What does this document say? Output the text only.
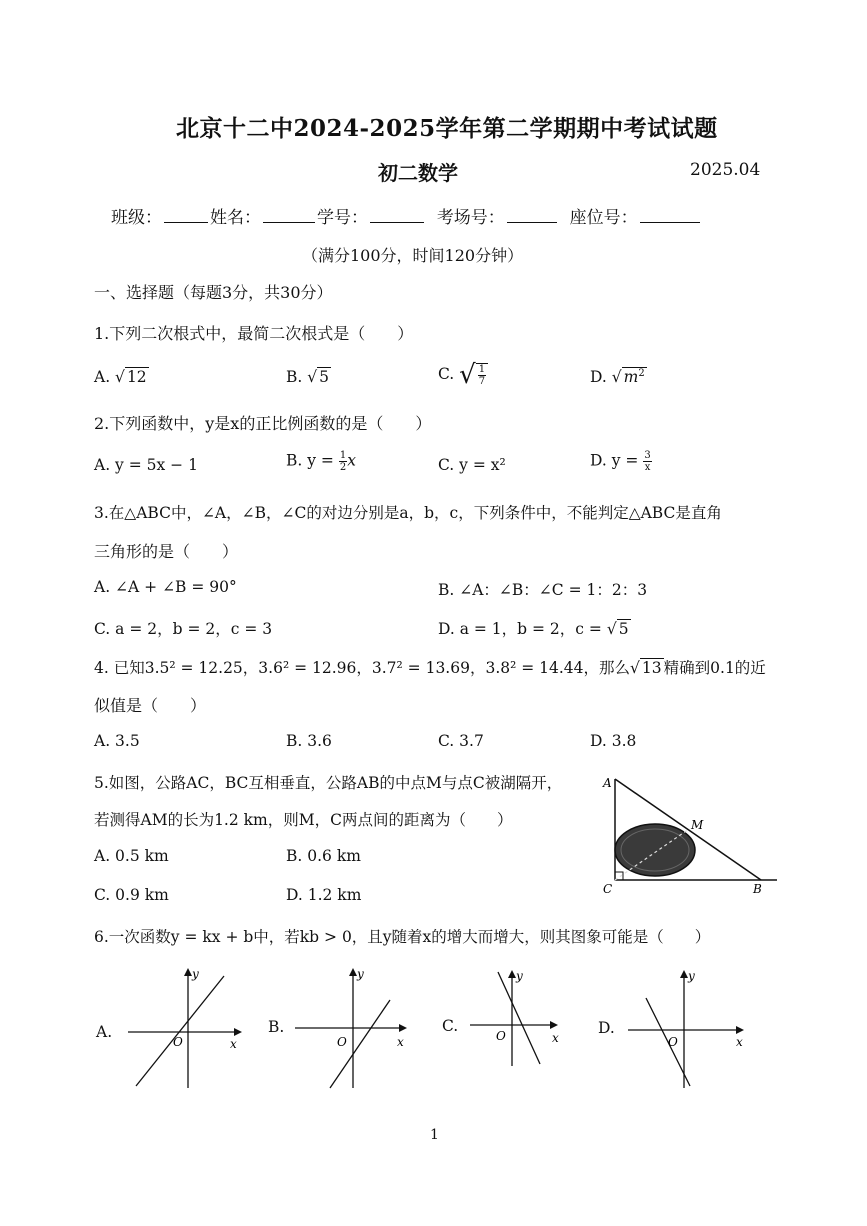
北京十二中2024-2025学年第二学期期中考试试题
初二数学	2025.04
班级：	姓名：	学号：	考场号：	座位号：
（满分100分，时间120分钟）
一、选择题（每题3分，共30分）
1.下列二次根式中，最简二次根式是（　　）
A. √ 12	B. √ 5	C. √ $\frac{1}{7}$	D. √ $m^2$
2.下列函数中，y是x的正比例函数的是（　　）
A. y = 5x − 1	B. $y = \frac{1}{2}$ x	C. y = x²	D. $y = \frac{3}{x}$
3.在△ABC中，∠A，∠B，∠C的对边分别是a，b，c，下列条件中，不能判定△ABC是直角
三角形的是（　　）
A. ∠A + ∠B = 90°	B. ∠A：∠B：∠C = 1：2：3
C. a = 2，b = 2，c = 3	D. a = 1，b = 2，c = √ 5
4. 已知3.5² = 12.25，3.6² = 12.96，3.7² = 13.69，3.8² = 14.44，那么√ 13 精确到0.1的近
似值是（　　）
A. 3.5	B. 3.6	C. 3.7	D. 3.8
5.如图，公路AC，BC互相垂直，公路AB的中点M与点C被湖隔开，
若测得AM的长为1.2 km，则M，C两点间的距离为（　　）
A. 0.5 km	B. 0.6 km
C. 0.9 km	D. 1.2 km
A
M
C	B
6.一次函数y = kx + b中，若kb > 0，且y随着x的增大而增大，则其图象可能是（　　）
A.
y
x
O
B.
y
x
O
C.
y
x
O	D.
y
x
O
1
